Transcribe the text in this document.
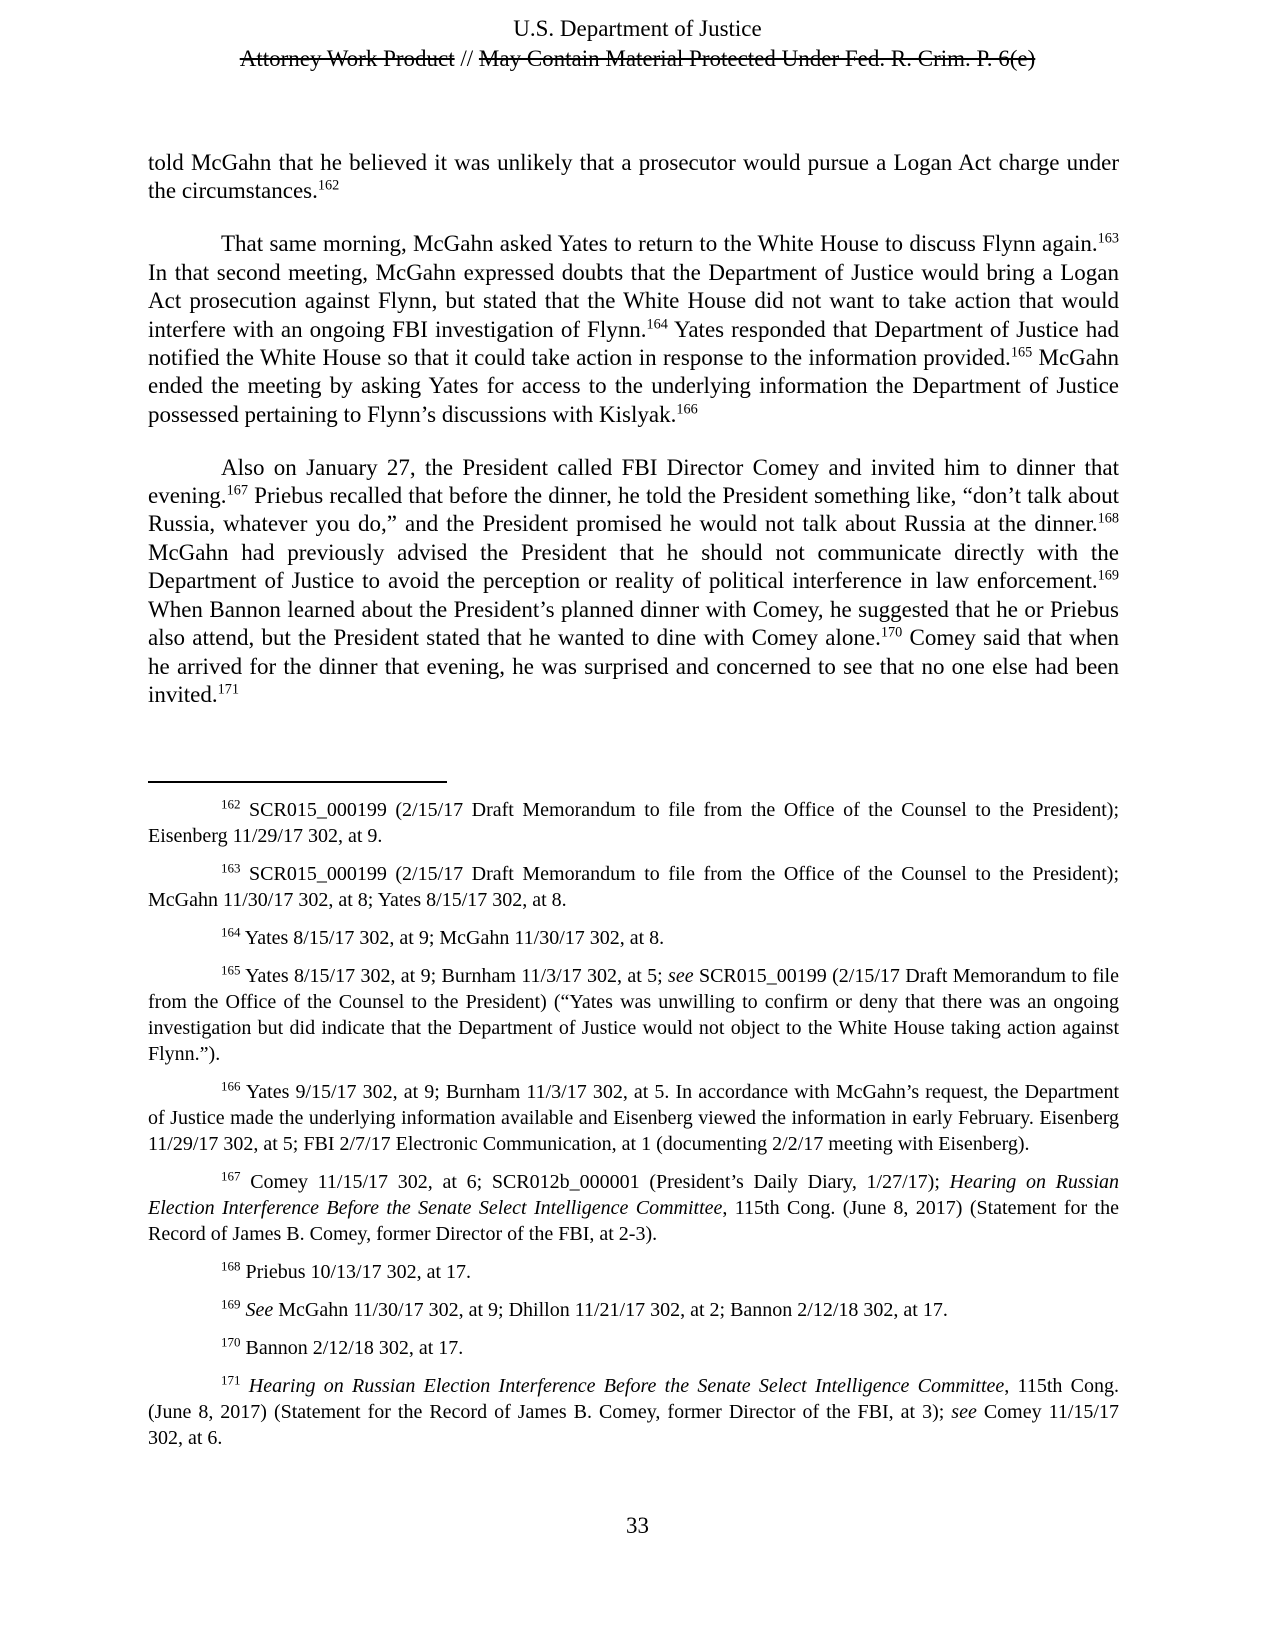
U.S. Department of Justice
Attorney Work Product // May Contain Material Protected Under Fed. R. Crim. P. 6(e)

told McGahn that he believed it was unlikely that a prosecutor would pursue a Logan Act charge under the circumstances.$^{162}$

That same morning, McGahn asked Yates to return to the White House to discuss Flynn again.$^{163}$ In that second meeting, McGahn expressed doubts that the Department of Justice would bring a Logan Act prosecution against Flynn, but stated that the White House did not want to take action that would interfere with an ongoing FBI investigation of Flynn.$^{164}$ Yates responded that Department of Justice had notified the White House so that it could take action in response to the information provided.$^{165}$ McGahn ended the meeting by asking Yates for access to the underlying information the Department of Justice possessed pertaining to Flynn’s discussions with Kislyak.$^{166}$

Also on January 27, the President called FBI Director Comey and invited him to dinner that evening.$^{167}$ Priebus recalled that before the dinner, he told the President something like, “don’t talk about Russia, whatever you do,” and the President promised he would not talk about Russia at the dinner.$^{168}$ McGahn had previously advised the President that he should not communicate directly with the Department of Justice to avoid the perception or reality of political interference in law enforcement.$^{169}$ When Bannon learned about the President’s planned dinner with Comey, he suggested that he or Priebus also attend, but the President stated that he wanted to dine with Comey alone.$^{170}$ Comey said that when he arrived for the dinner that evening, he was surprised and concerned to see that no one else had been invited.$^{171}$

$^{162}$ SCR015_000199 (2/15/17 Draft Memorandum to file from the Office of the Counsel to the President); Eisenberg 11/29/17 302, at 9.

$^{163}$ SCR015_000199 (2/15/17 Draft Memorandum to file from the Office of the Counsel to the President); McGahn 11/30/17 302, at 8; Yates 8/15/17 302, at 8.

$^{164}$ Yates 8/15/17 302, at 9; McGahn 11/30/17 302, at 8.

$^{165}$ Yates 8/15/17 302, at 9; Burnham 11/3/17 302, at 5; see SCR015_00199 (2/15/17 Draft Memorandum to file from the Office of the Counsel to the President) (“Yates was unwilling to confirm or deny that there was an ongoing investigation but did indicate that the Department of Justice would not object to the White House taking action against Flynn.”).

$^{166}$ Yates 9/15/17 302, at 9; Burnham 11/3/17 302, at 5. In accordance with McGahn’s request, the Department of Justice made the underlying information available and Eisenberg viewed the information in early February. Eisenberg 11/29/17 302, at 5; FBI 2/7/17 Electronic Communication, at 1 (documenting 2/2/17 meeting with Eisenberg).

$^{167}$ Comey 11/15/17 302, at 6; SCR012b_000001 (President’s Daily Diary, 1/27/17); Hearing on Russian Election Interference Before the Senate Select Intelligence Committee, 115th Cong. (June 8, 2017) (Statement for the Record of James B. Comey, former Director of the FBI, at 2-3).

$^{168}$ Priebus 10/13/17 302, at 17.

$^{169}$ See McGahn 11/30/17 302, at 9; Dhillon 11/21/17 302, at 2; Bannon 2/12/18 302, at 17.

$^{170}$ Bannon 2/12/18 302, at 17.

$^{171}$ Hearing on Russian Election Interference Before the Senate Select Intelligence Committee, 115th Cong. (June 8, 2017) (Statement for the Record of James B. Comey, former Director of the FBI, at 3); see Comey 11/15/17 302, at 6.

33
